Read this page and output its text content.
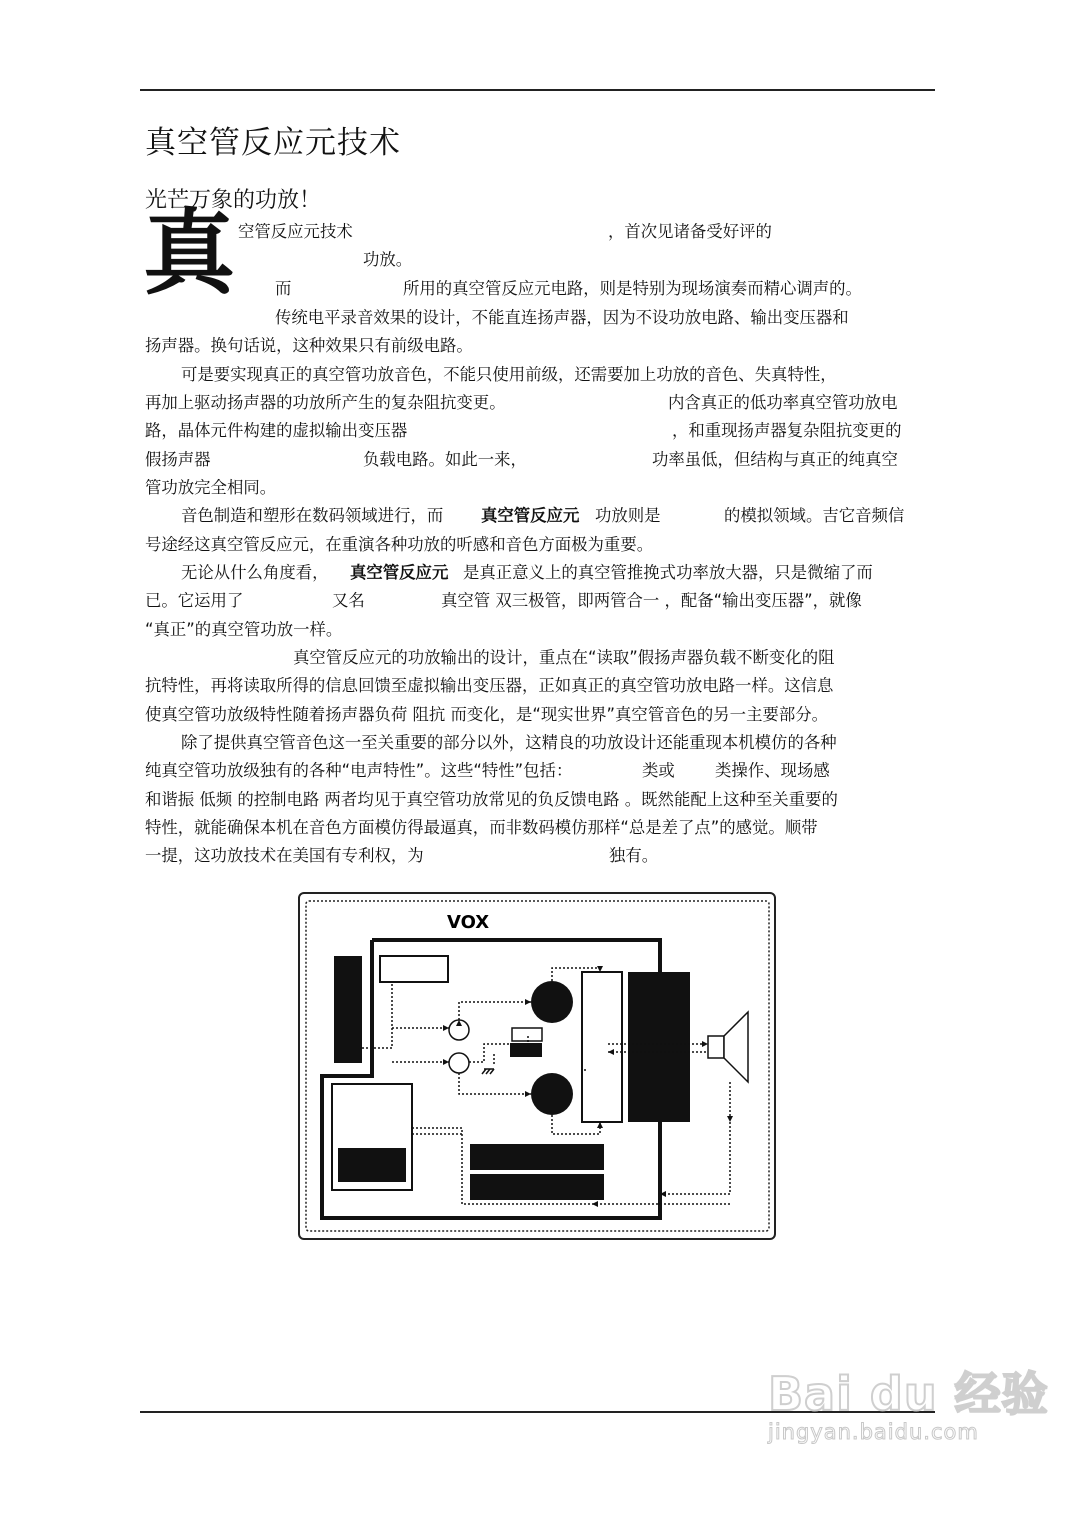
真空管反应元技术
光芒万象的功放！
真 空管反应元技术	，首次见诸备受好评的
功放。
而	所用的真空管反应元电路，则是特别为现场演奏而精心调声的。
传统电平录音效果的设计，不能直连扬声器，因为不设功放电路、输出变压器和
扬声器。换句话说，这种效果只有前级电路。
可是要实现真正的真空管功放音色，不能只使用前级，还需要加上功放的音色、失真特性，
再加上驱动扬声器的功放所产生的复杂阻抗变更。	内含真正的低功率真空管功放电
路，晶体元件构建的虚拟输出变压器	，和重现扬声器复杂阻抗变更的
假扬声器	负载电路。如此一来，	功率虽低，但结构与真正的纯真空
管功放完全相同。
音色制造和塑形在数码领域进行，而 真空管反应元 功放则是	的模拟领域。吉它音频信
号途经这真空管反应元，在重演各种功放的听感和音色方面极为重要。
无论从什么角度看， 真空管反应元 是真正意义上的真空管推挽式功率放大器，只是微缩了而
已。它运用了	又名	真空管 双三极管，即两管合一 ，配备“输出变压器”，就像
“真正”的真空管功放一样。
真空管反应元的功放输出的设计，重点在“读取”假扬声器负载不断变化的阻
抗特性，再将读取所得的信息回馈至虚拟输出变压器，正如真正的真空管功放电路一样。这信息
使真空管功放级特性随着扬声器负荷 阻抗 而变化，是“现实世界”真空管音色的另一主要部分。
除了提供真空管音色这一至关重要的部分以外，这精良的功放设计还能重现本机模仿的各种
纯真空管功放级独有的各种“电声特性”。这些“特性”包括：	类或 类操作、现场感
和谐振 低频 的控制电路 两者均见于真空管功放常见的负反馈电路 。既然能配上这种至关重要的
特性，就能确保本机在音色方面模仿得最逼真，而非数码模仿那样“总是差了点”的感觉。顺带
一提，这功放技术在美国有专利权，为	独有。
VOX
Bai du 经验
jingyan.baidu.com
